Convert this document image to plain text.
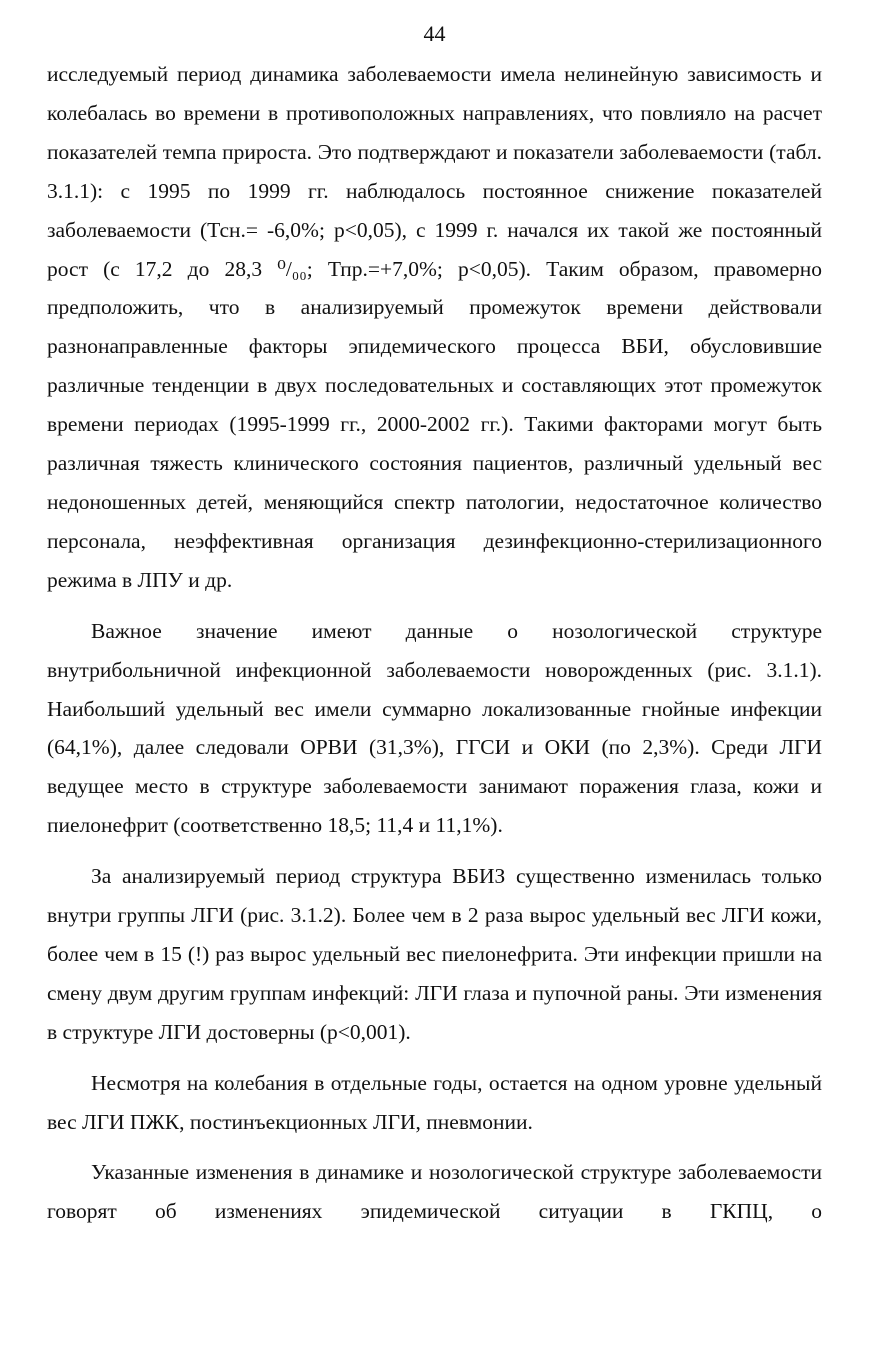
44

исследуемый период динамика заболеваемости имела нелинейную зависимость и колебалась во времени в противоположных направлениях, что повлияло на расчет показателей темпа прироста. Это подтверждают и показатели заболеваемости (табл. 3.1.1): с 1995 по 1999 гг. наблюдалось постоянное снижение показателей заболеваемости (Тсн.= -6,0%; p<0,05), с 1999 г. начался их такой же постоянный рост (с 17,2 до 28,3 ⁰/₀₀; Тпр.=+7,0%; p<0,05). Таким образом, правомерно предположить, что в анализируемый промежуток времени действовали разнонаправленные факторы эпидемического процесса ВБИ, обусловившие различные тенденции в двух последовательных и составляющих этот промежуток времени периодах (1995-1999 гг., 2000-2002 гг.). Такими факторами могут быть различная тяжесть клинического состояния пациентов, различный удельный вес недоношенных детей, меняющийся спектр патологии, недостаточное количество персонала, неэффективная организация дезинфекционно-стерилизационного режима в ЛПУ и др.

Важное значение имеют данные о нозологической структуре внутрибольничной инфекционной заболеваемости новорожденных (рис. 3.1.1). Наибольший удельный вес имели суммарно локализованные гнойные инфекции (64,1%), далее следовали ОРВИ (31,3%), ГГСИ и ОКИ (по 2,3%). Среди ЛГИ ведущее место в структуре заболеваемости занимают поражения глаза, кожи и пиелонефрит (соответственно 18,5; 11,4 и 11,1%).

За анализируемый период структура ВБИЗ существенно изменилась только внутри группы ЛГИ (рис. 3.1.2). Более чем в 2 раза вырос удельный вес ЛГИ кожи, более чем в 15 (!) раз вырос удельный вес пиелонефрита. Эти инфекции пришли на смену двум другим группам инфекций: ЛГИ глаза и пупочной раны. Эти изменения в структуре ЛГИ достоверны (p<0,001).

Несмотря на колебания в отдельные годы, остается на одном уровне удельный вес ЛГИ ПЖК, постинъекционных ЛГИ, пневмонии.

Указанные изменения в динамике и нозологической структуре заболеваемости говорят об изменениях эпидемической ситуации в ГКПЦ, о
